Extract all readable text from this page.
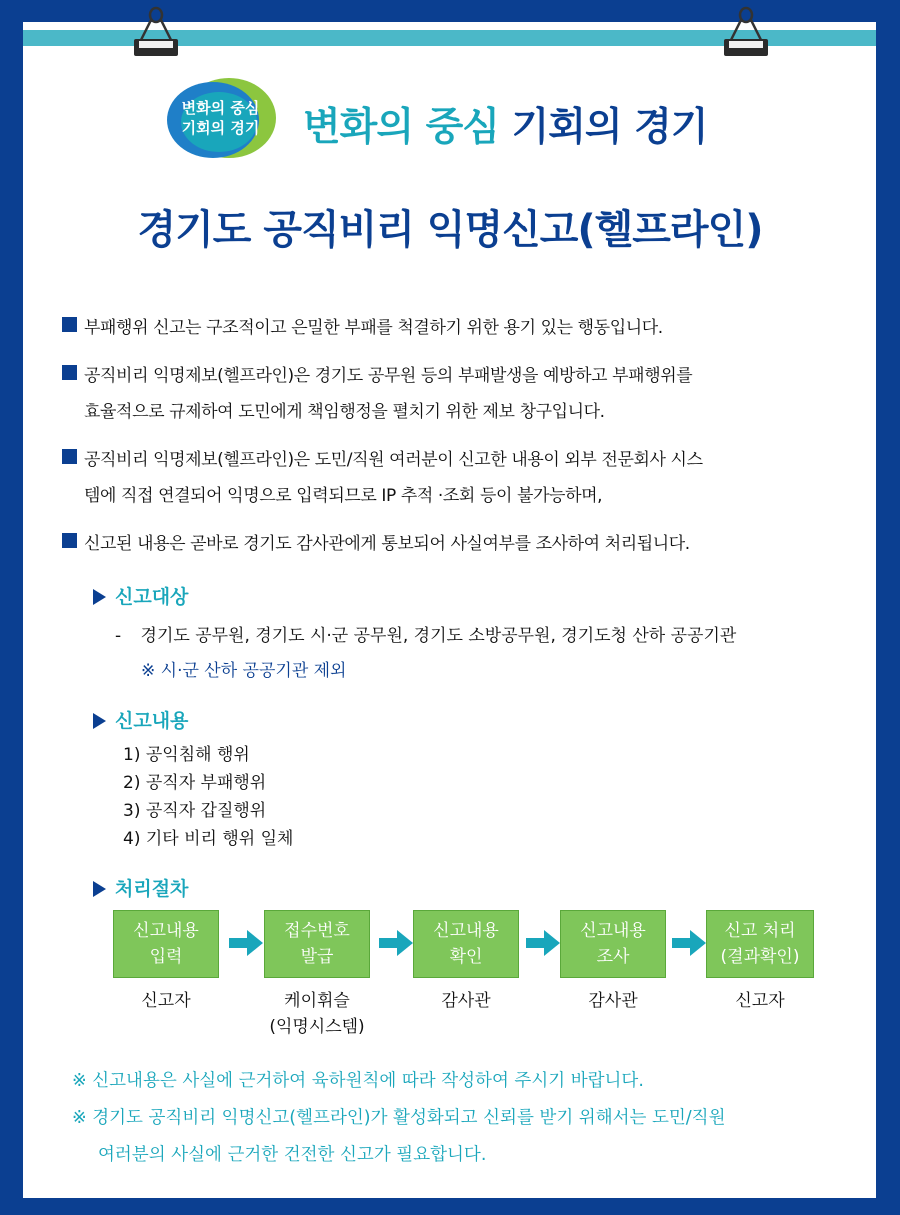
변화의 중심
기회의 경기	변화의 중심 기회의 경기
경기도 공직비리 익명신고(헬프라인)
부패행위 신고는 구조적이고 은밀한 부패를 척결하기 위한 용기 있는 행동입니다.
공직비리 익명제보(헬프라인)은 경기도 공무원 등의 부패발생을 예방하고 부패행위를
효율적으로 규제하여 도민에게 책임행정을 펼치기 위한 제보 창구입니다.
공직비리 익명제보(헬프라인)은 도민/직원 여러분이 신고한 내용이 외부 전문회사 시스
템에 직접 연결되어 익명으로 입력되므로 IP 추적 ·조회 등이 불가능하며,
신고된 내용은 곧바로 경기도 감사관에게 통보되어 사실여부를 조사하여 처리됩니다.
신고대상
- 경기도 공무원, 경기도 시·군 공무원, 경기도 소방공무원, 경기도청 산하 공공기관
※ 시·군 산하 공공기관 제외
신고내용
1) 공익침해 행위
2) 공직자 부패행위
3) 공직자 갑질행위
4) 기타 비리 행위 일체
처리절차
신고내용
입력
접수번호
발급
신고내용
확인
신고내용
조사
신고 처리
(결과확인)
신고자	케이휘슬
(익명시스템)
감사관	감사관	신고자
※ 신고내용은 사실에 근거하여 육하원칙에 따라 작성하여 주시기 바랍니다.
※ 경기도 공직비리 익명신고(헬프라인)가 활성화되고 신뢰를 받기 위해서는 도민/직원
여러분의 사실에 근거한 건전한 신고가 필요합니다.
